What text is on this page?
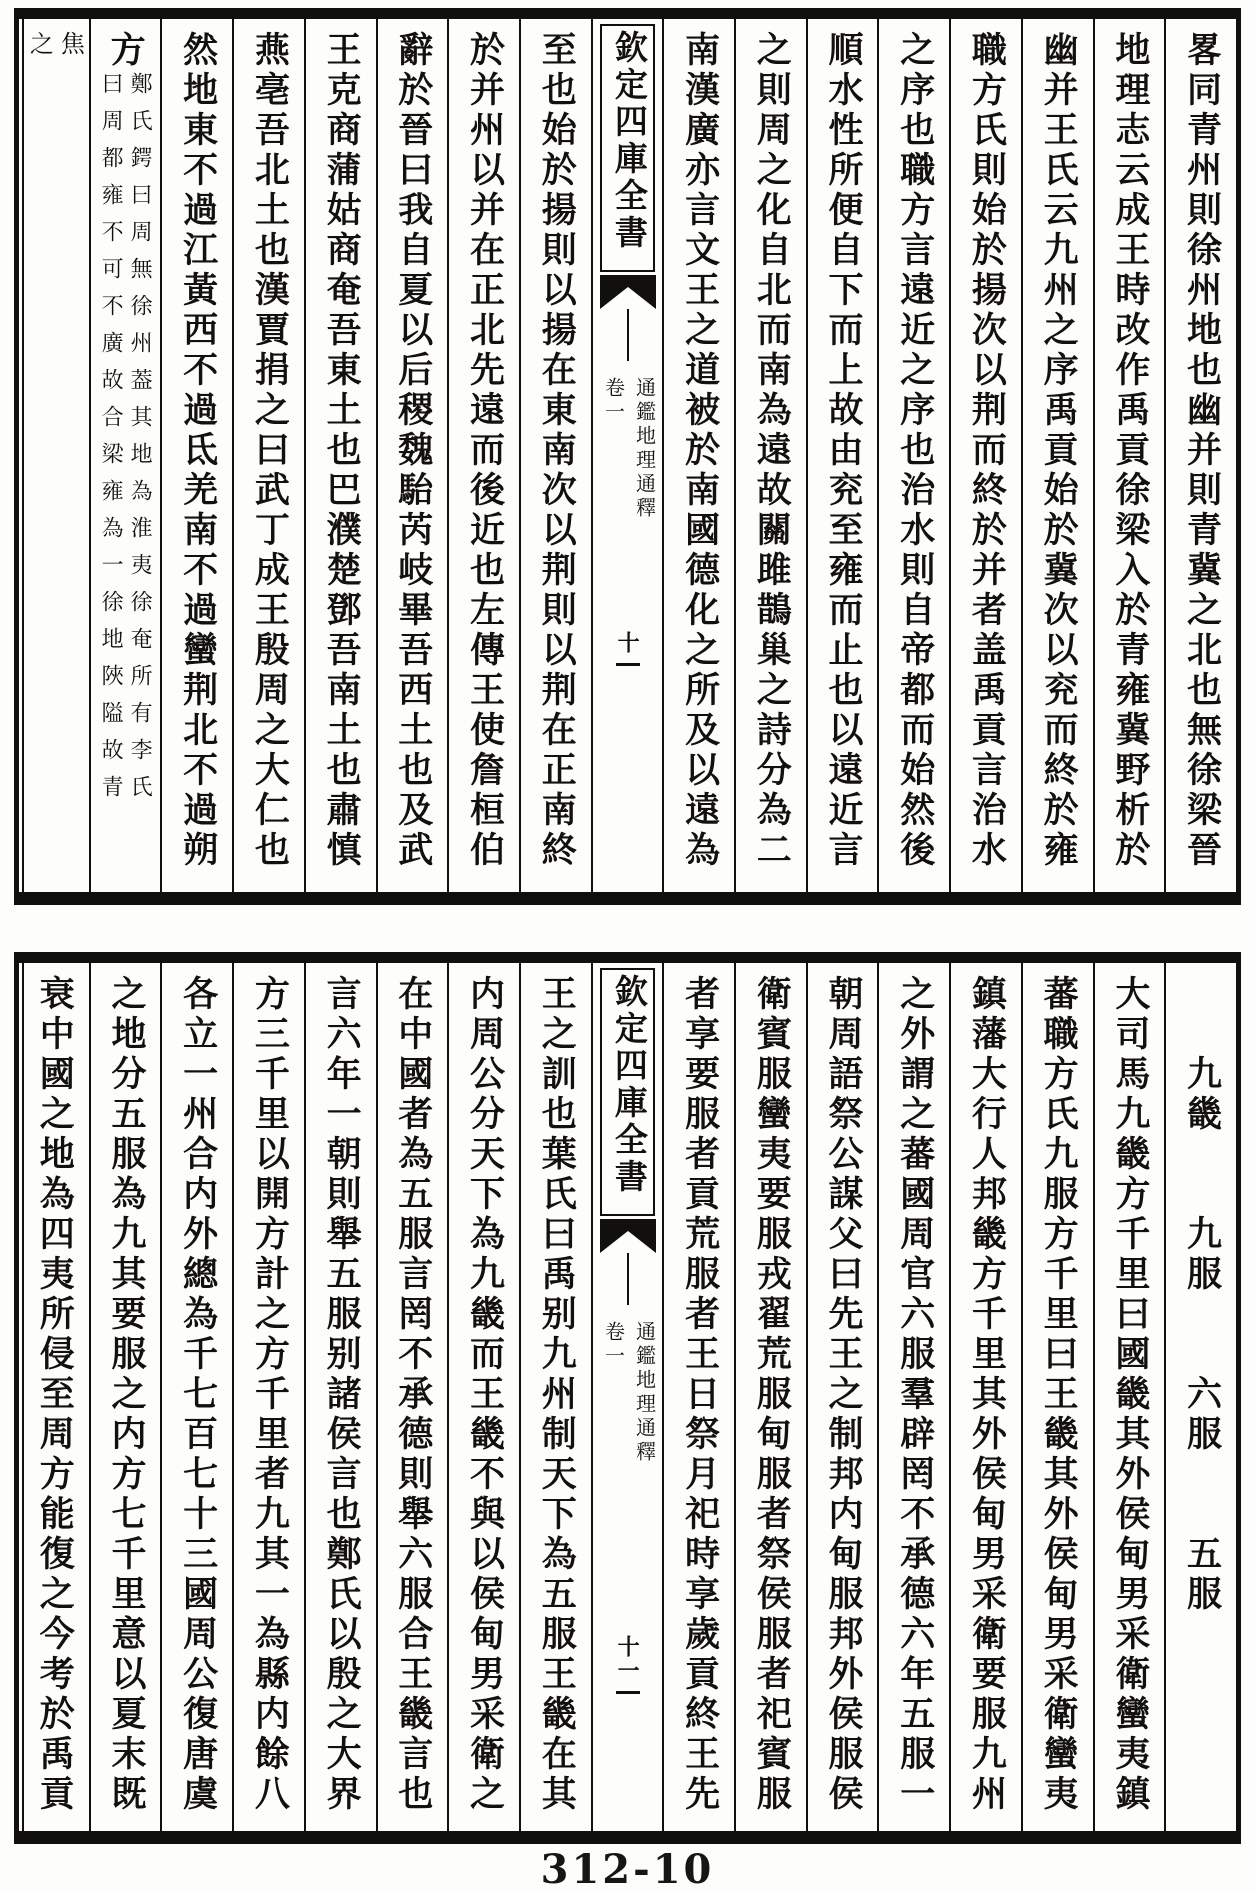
畧同青州則徐州地也幽并則青冀之北也無徐梁晉
地理志云成王時改作禹貢徐梁入於青雍冀野析於
幽并王氏云九州之序禹貢始於冀次以兖而終於雍
職方氏則始於揚次以荆而終於并者盖禹貢言治水
之序也職方言遠近之序也治水則自帝都而始然後
順水性所便自下而上故由兖至雍而止也以遠近言
之則周之化自北而南為遠故關雎鵲巢之詩分為二
南漢廣亦言文王之道被於南國德化之所及以遠為
欽定四庫全書
卷一 通鑑地理通釋
十
至也始於揚則以揚在東南次以荆則以荆在正南終
於并州以并在正北先遠而後近也左傳王使詹桓伯
辭於晉曰我自夏以后稷魏駘芮岐畢吾西土也及武
王克商蒲姑商奄吾東土也巴濮楚鄧吾南土也肅慎
燕亳吾北土也漢賈捐之曰武丁成王殷周之大仁也
然地東不過江黃西不過氐羌南不過蠻荆北不過朔
方
曰周都雍不可不廣故合梁雍為一徐地陜隘故青 鄭氏鍔曰周無徐州葢其地為淮夷徐奄所有李氏
之 焦
　　九畿　　九服　　六服　　五服
大司馬九畿方千里曰國畿其外侯甸男采衛蠻夷鎮
蕃職方氏九服方千里曰王畿其外侯甸男采衛蠻夷
鎮藩大行人邦畿方千里其外侯甸男采衛要服九州
之外謂之蕃國周官六服羣辟罔不承德六年五服一
朝周語祭公謀父曰先王之制邦内甸服邦外侯服侯
衛賓服蠻夷要服戎翟荒服甸服者祭侯服者祀賓服
者享要服者貢荒服者王日祭月祀時享歲貢終王先
欽定四庫全書
卷一 通鑑地理通釋
十一
王之訓也葉氏曰禹别九州制天下為五服王畿在其
内周公分天下為九畿而王畿不與以侯甸男采衛之
在中國者為五服言罔不承德則舉六服合王畿言也
言六年一朝則舉五服别諸侯言也鄭氏以殷之大界
方三千里以開方計之方千里者九其一為縣内餘八
各立一州合内外總為千七百七十三國周公復唐虞
之地分五服為九其要服之内方七千里意以夏末既
衰中國之地為四夷所侵至周方能復之今考於禹貢
312-10
